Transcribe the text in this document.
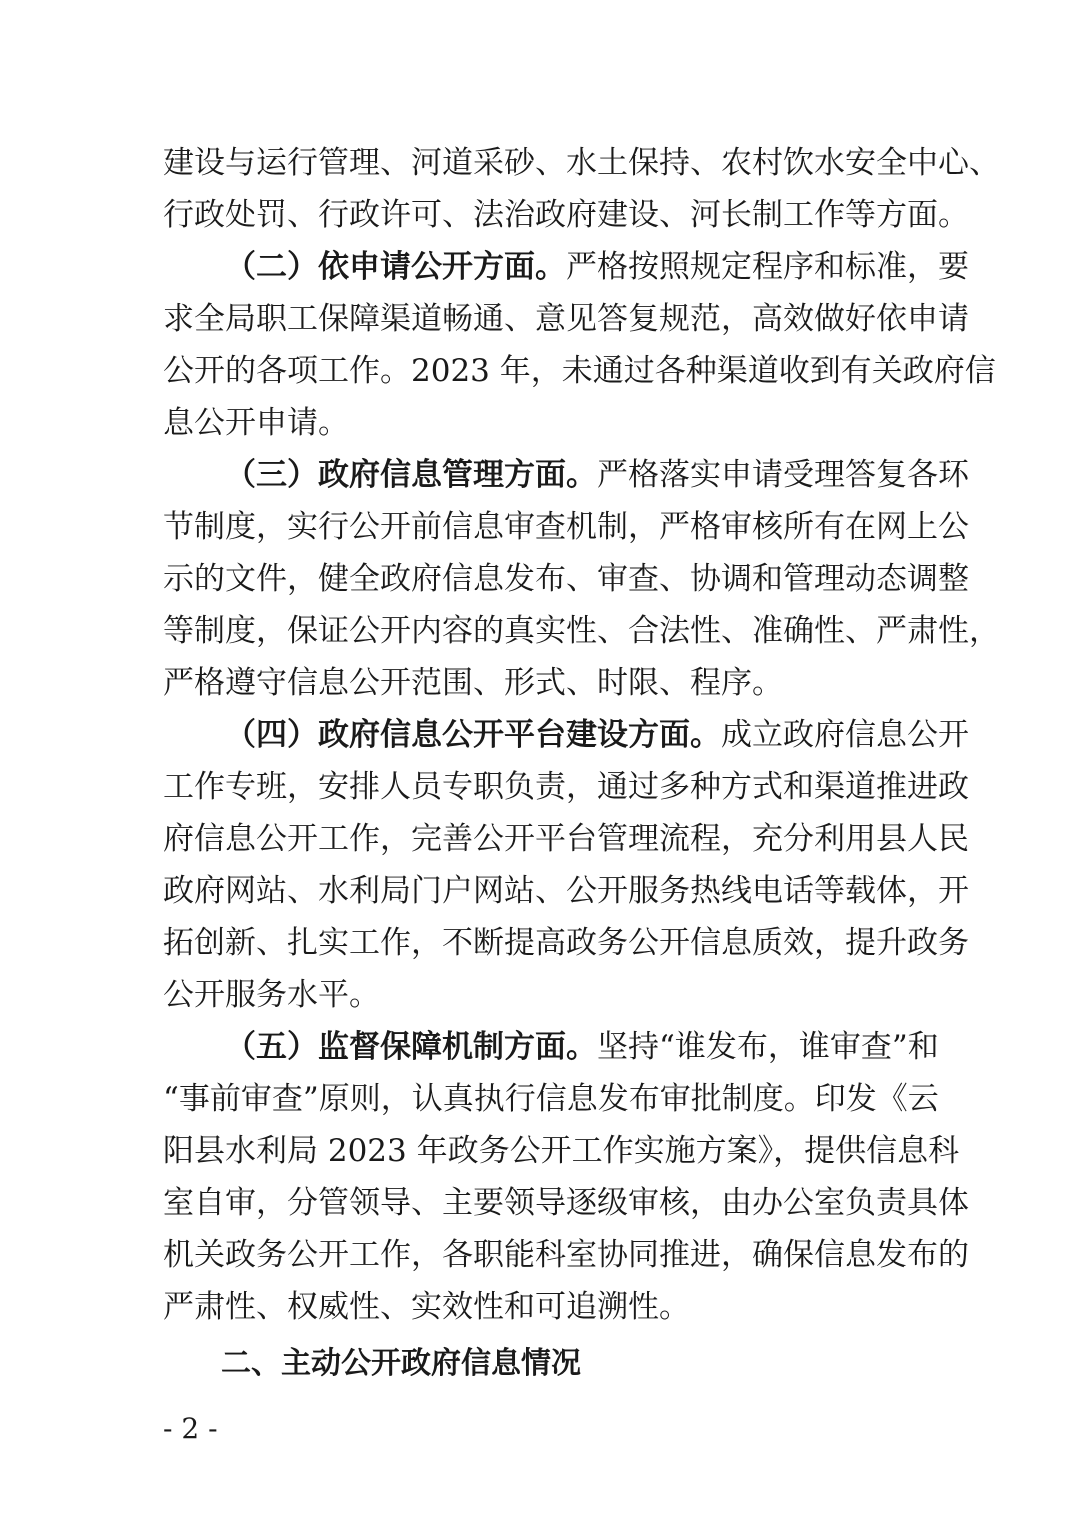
建设与运行管理、河道采砂、水土保持、农村饮水安全中心、
行政处罚、行政许可、法治政府建设、河长制工作等方面。
（二）依申请公开方面。严格按照规定程序和标准，要
求全局职工保障渠道畅通、意见答复规范，高效做好依申请
公开的各项工作。2023 年，未通过各种渠道收到有关政府信
息公开申请。
（三）政府信息管理方面。严格落实申请受理答复各环
节制度，实行公开前信息审查机制，严格审核所有在网上公
示的文件，健全政府信息发布、审查、协调和管理动态调整
等制度，保证公开内容的真实性、合法性、准确性、严肃性，
严格遵守信息公开范围、形式、时限、程序。
（四）政府信息公开平台建设方面。成立政府信息公开
工作专班，安排人员专职负责，通过多种方式和渠道推进政
府信息公开工作，完善公开平台管理流程，充分利用县人民
政府网站、水利局门户网站、公开服务热线电话等载体，开
拓创新、扎实工作，不断提高政务公开信息质效，提升政务
公开服务水平。
（五）监督保障机制方面。坚持“谁发布，谁审查”和
“事前审查”原则，认真执行信息发布审批制度。印发《云
阳县水利局 2023 年政务公开工作实施方案》，提供信息科
室自审，分管领导、主要领导逐级审核，由办公室负责具体
机关政务公开工作，各职能科室协同推进，确保信息发布的
严肃性、权威性、实效性和可追溯性。
二、主动公开政府信息情况
- 2 -
